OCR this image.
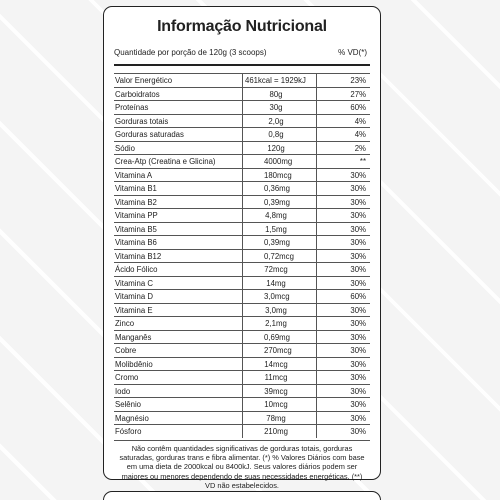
Informação Nutricional
Quantidade por porção de 120g (3 scoops)	% VD(*)
Valor Energético	461kcal = 1929kJ	23%
Carboidratos	80g	27%
Proteínas	30g	60%
Gorduras totais	2,0g	4%
Gorduras saturadas	0,8g	4%
Sódio	120g	2%
Crea-Atp (Creatina e Glicina)	4000mg	**
Vitamina A	180mcg	30%
Vitamina B1	0,36mg	30%
Vitamina B2	0,39mg	30%
Vitamina PP	4,8mg	30%
Vitamina B5	1,5mg	30%
Vitamina B6	0,39mg	30%
Vitamina B12	0,72mcg	30%
Ácido Fólico	72mcg	30%
Vitamina C	14mg	30%
Vitamina D	3,0mcg	60%
Vitamina E	3,0mg	30%
Zinco	2,1mg	30%
Manganês	0,69mg	30%
Cobre	270mcg	30%
Molibdênio	14mcg	30%
Cromo	11mcg	30%
Iodo	39mcg	30%
Selênio	10mcg	30%
Magnésio	78mg	30%
Fósforo	210mg	30%
Não contêm quantidades significativas de gorduras totais, gorduras saturadas, gorduras trans e fibra alimentar. (*) % Valores Diários com base em uma dieta de 2000kcal ou 8400kJ. Seus valores diários podem ser maiores ou menores dependendo de suas necessidades energéticas. (**) VD não estabelecidos.
